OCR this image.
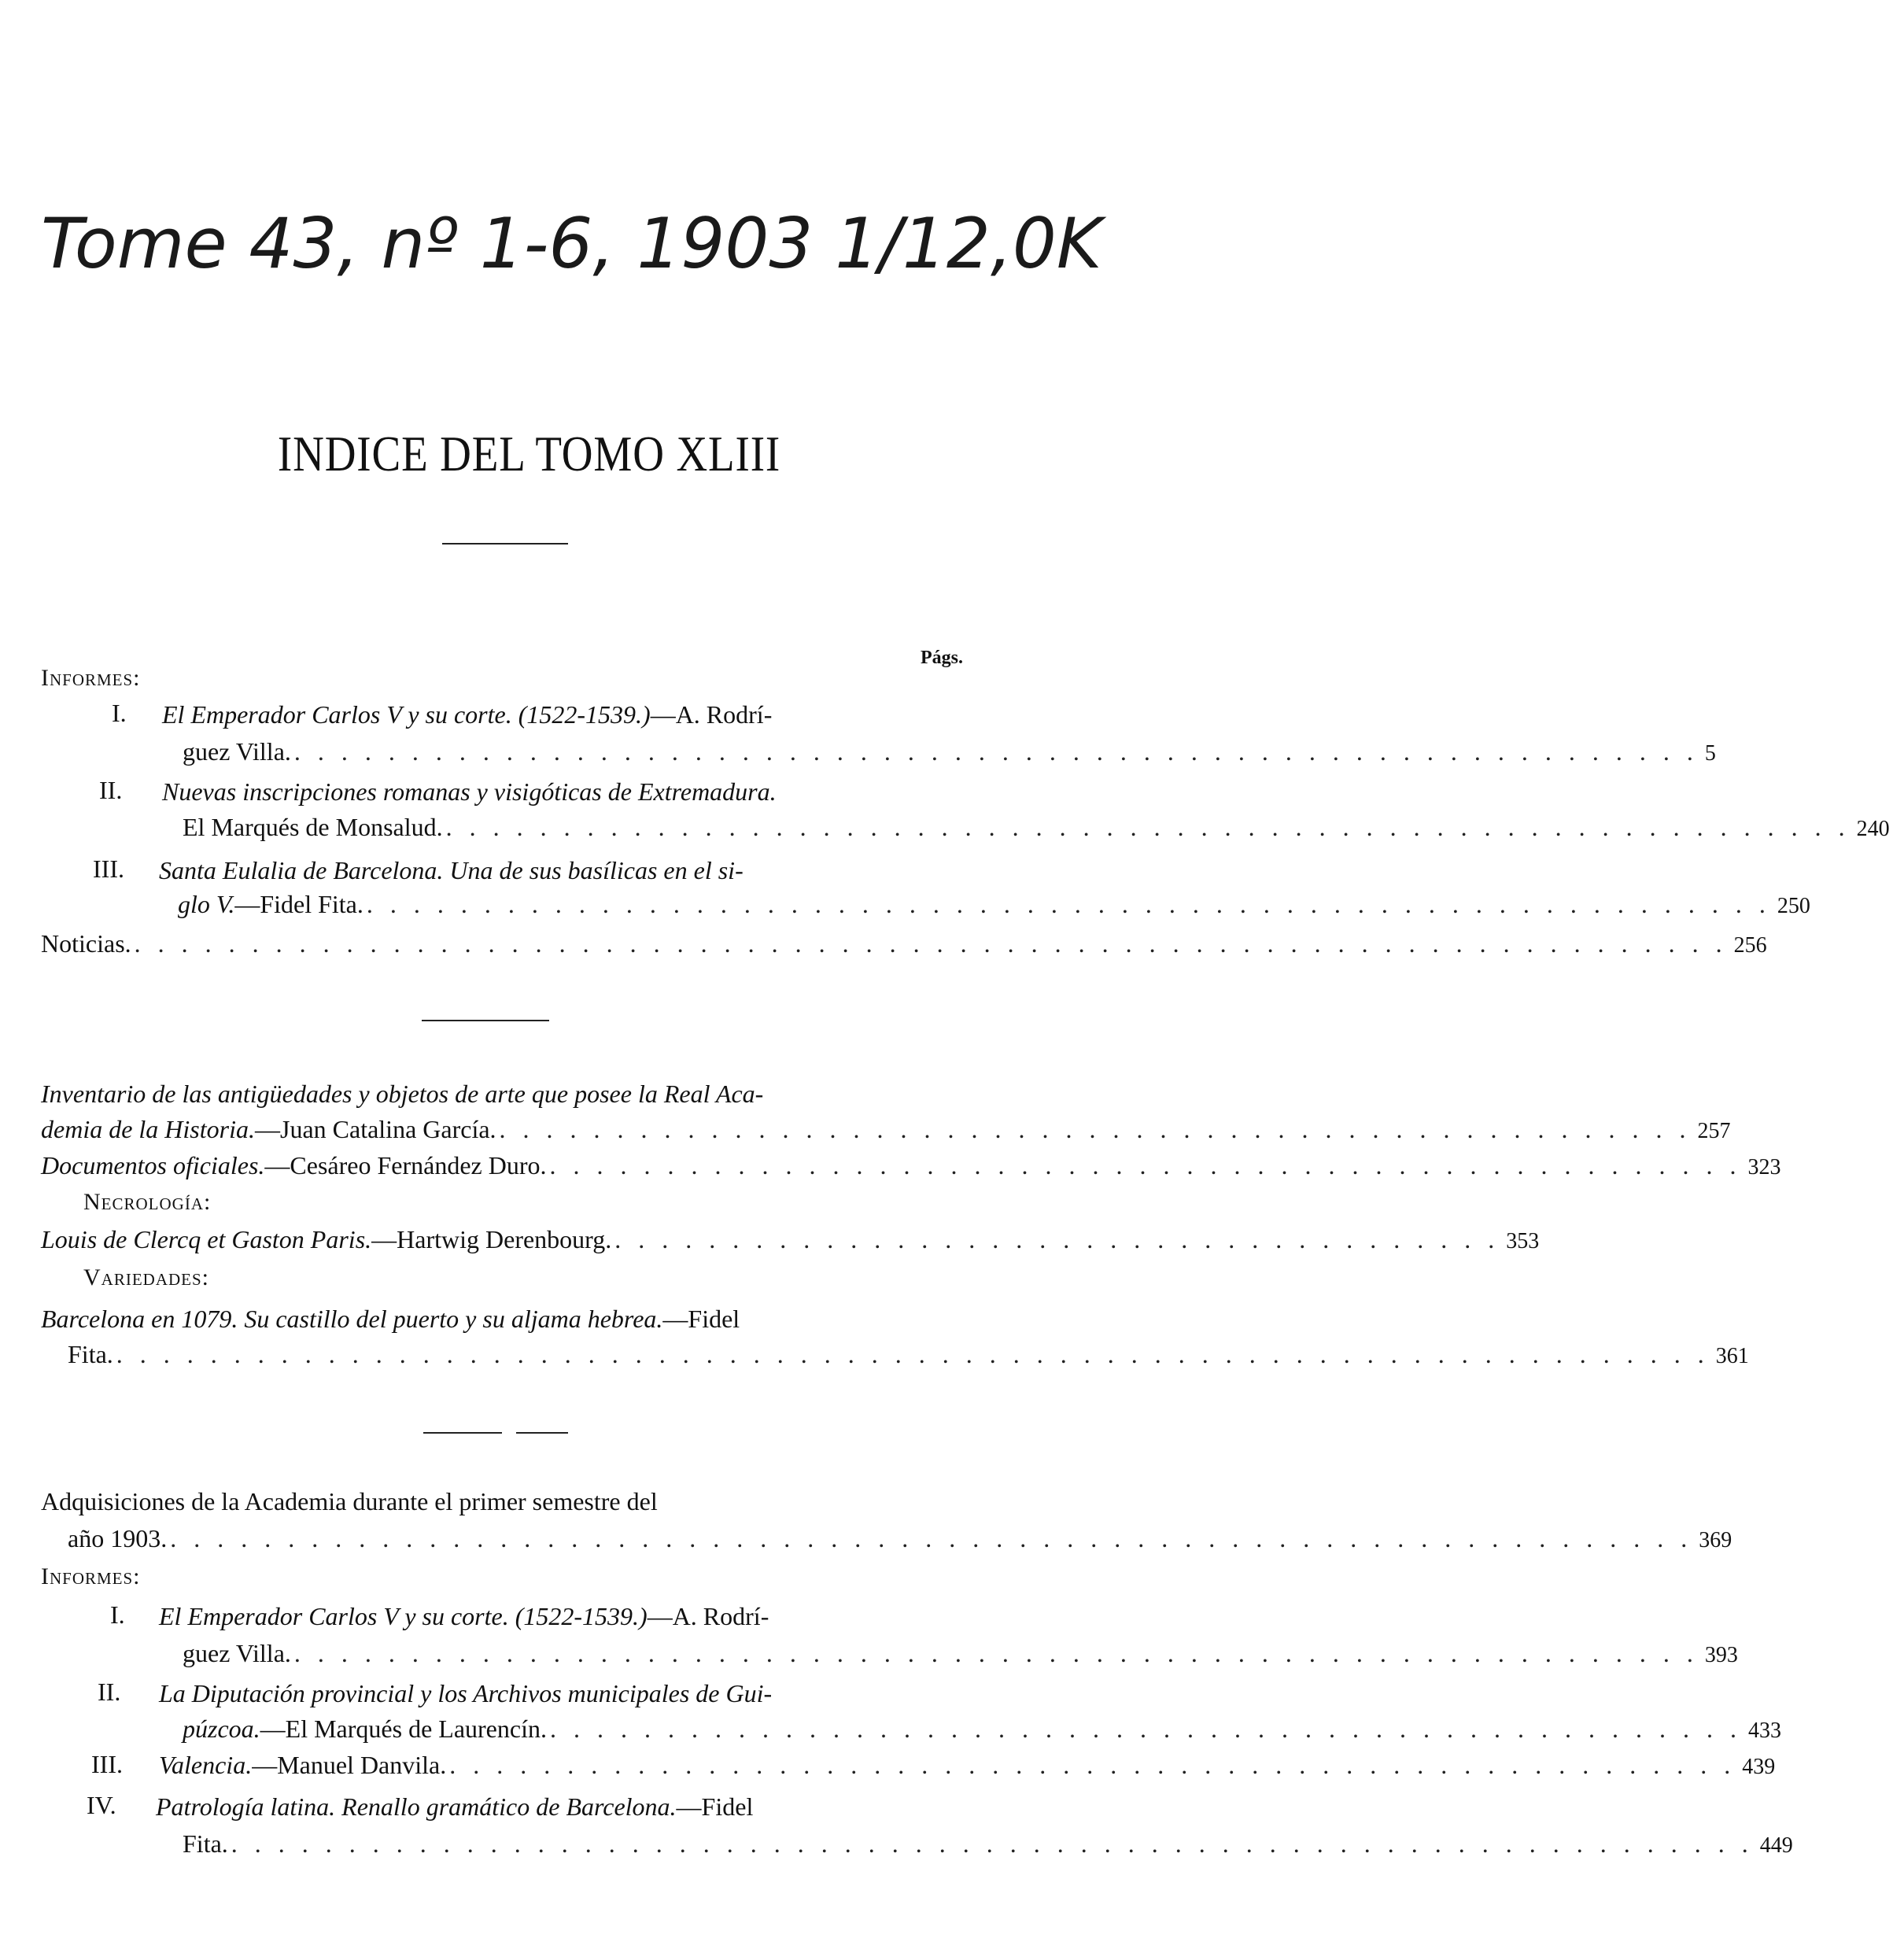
Tome 43, nº 1-6, 1903 1/12,0K
INDICE DEL TOMO XLIII
Págs.
Informes:
I. El Emperador Carlos V y su corte. (1522-1539.)—A. Rodrí-
guez Villa. . . . . . . . . . . . . . . . . . . . . . . . . . . . . . . . . . . . . . . . . . . . . . . . . . . . . . . . . . . . . 5
II. Nuevas inscripciones romanas y visigóticas de Extremadura.
El Marqués de Monsalud. . . . . . . . . . . . . . . . . . . . . . . . . . . . . . . . . . . . . . . . . . . . . . . . . . . . . . . . . . . . . 240
III. Santa Eulalia de Barcelona. Una de sus basílicas en el si-
glo V.—Fidel Fita. . . . . . . . . . . . . . . . . . . . . . . . . . . . . . . . . . . . . . . . . . . . . . . . . . . . . . . . . . . . . 250
Noticias. . . . . . . . . . . . . . . . . . . . . . . . . . . . . . . . . . . . . . . . . . . . . . . . . . . . . . . . . . . . . . . . . . . . . 256
Inventario de las antigüedades y objetos de arte que posee la Real Aca-
demia de la Historia.—Juan Catalina García. . . . . . . . . . . . . . . . . . . . . . . . . . . . . . . . . . . . . . . . . . . . . . . . . . . . 257
Documentos oficiales.—Cesáreo Fernández Duro. . . . . . . . . . . . . . . . . . . . . . . . . . . . . . . . . . . . . . . . . . . . . . . . . . . . 323
Necrología:
Louis de Clercq et Gaston Paris.—Hartwig Derenbourg. . . . . . . . . . . . . . . . . . . . . . . . . . . . . . . . . . . . . . . 353
Variedades:
Barcelona en 1079. Su castillo del puerto y su aljama hebrea.—Fidel
Fita. . . . . . . . . . . . . . . . . . . . . . . . . . . . . . . . . . . . . . . . . . . . . . . . . . . . . . . . . . . . . . . . . . . . . 361
Adquisiciones de la Academia durante el primer semestre del
año 1903. . . . . . . . . . . . . . . . . . . . . . . . . . . . . . . . . . . . . . . . . . . . . . . . . . . . . . . . . . . . . . . . . . 369
Informes:
I. El Emperador Carlos V y su corte. (1522-1539.)—A. Rodrí-
guez Villa. . . . . . . . . . . . . . . . . . . . . . . . . . . . . . . . . . . . . . . . . . . . . . . . . . . . . . . . . . . . . 393
II. La Diputación provincial y los Archivos municipales de Gui-
púzcoa.—El Marqués de Laurencín. . . . . . . . . . . . . . . . . . . . . . . . . . . . . . . . . . . . . . . . . . . . . . . . . . . . 433
III. Valencia.—Manuel Danvila. . . . . . . . . . . . . . . . . . . . . . . . . . . . . . . . . . . . . . . . . . . . . . . . . . . . . . . . 439
IV. Patrología latina. Renallo gramático de Barcelona.—Fidel
Fita. . . . . . . . . . . . . . . . . . . . . . . . . . . . . . . . . . . . . . . . . . . . . . . . . . . . . . . . . . . . . . . . . . 449
